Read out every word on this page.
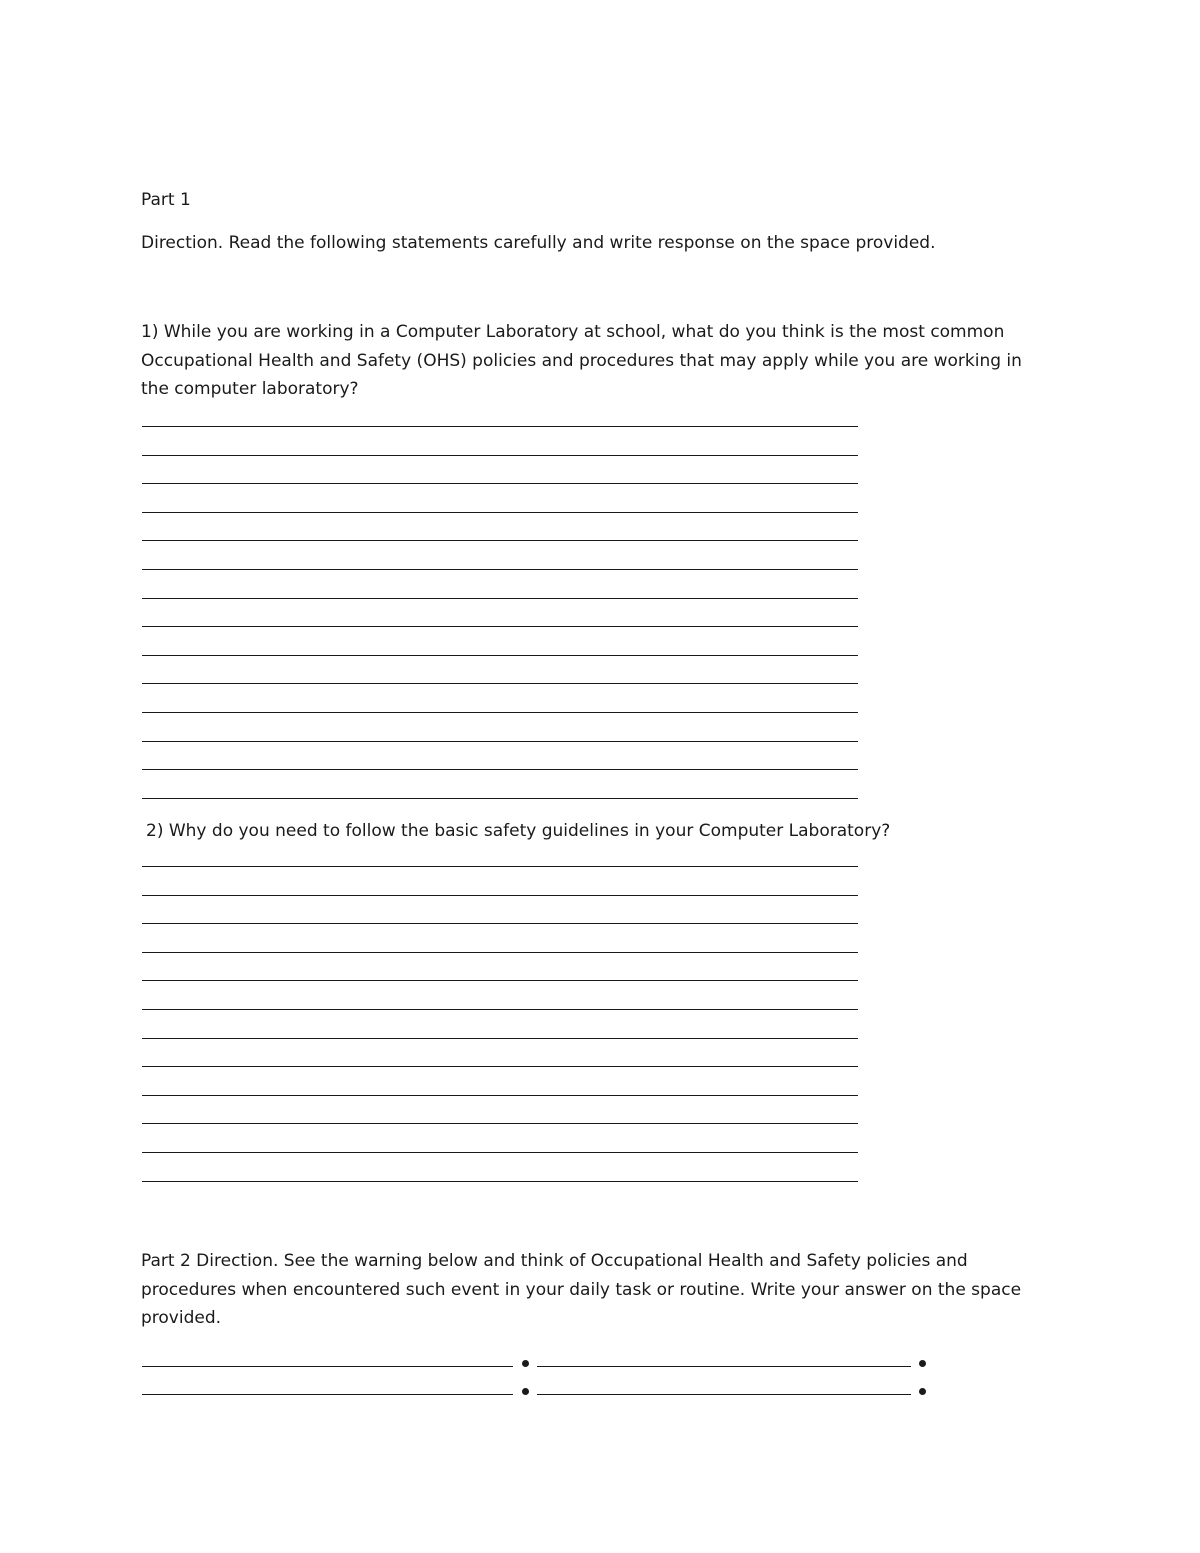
Part 1
Direction. Read the following statements carefully and write response on the space provided.
1) While you are working in a Computer Laboratory at school, what do you think is the most common
Occupational Health and Safety (OHS) policies and procedures that may apply while you are working in
the computer laboratory?
2) Why do you need to follow the basic safety guidelines in your Computer Laboratory?
Part 2 Direction. See the warning below and think of Occupational Health and Safety policies and
procedures when encountered such event in your daily task or routine. Write your answer on the space
provided.
